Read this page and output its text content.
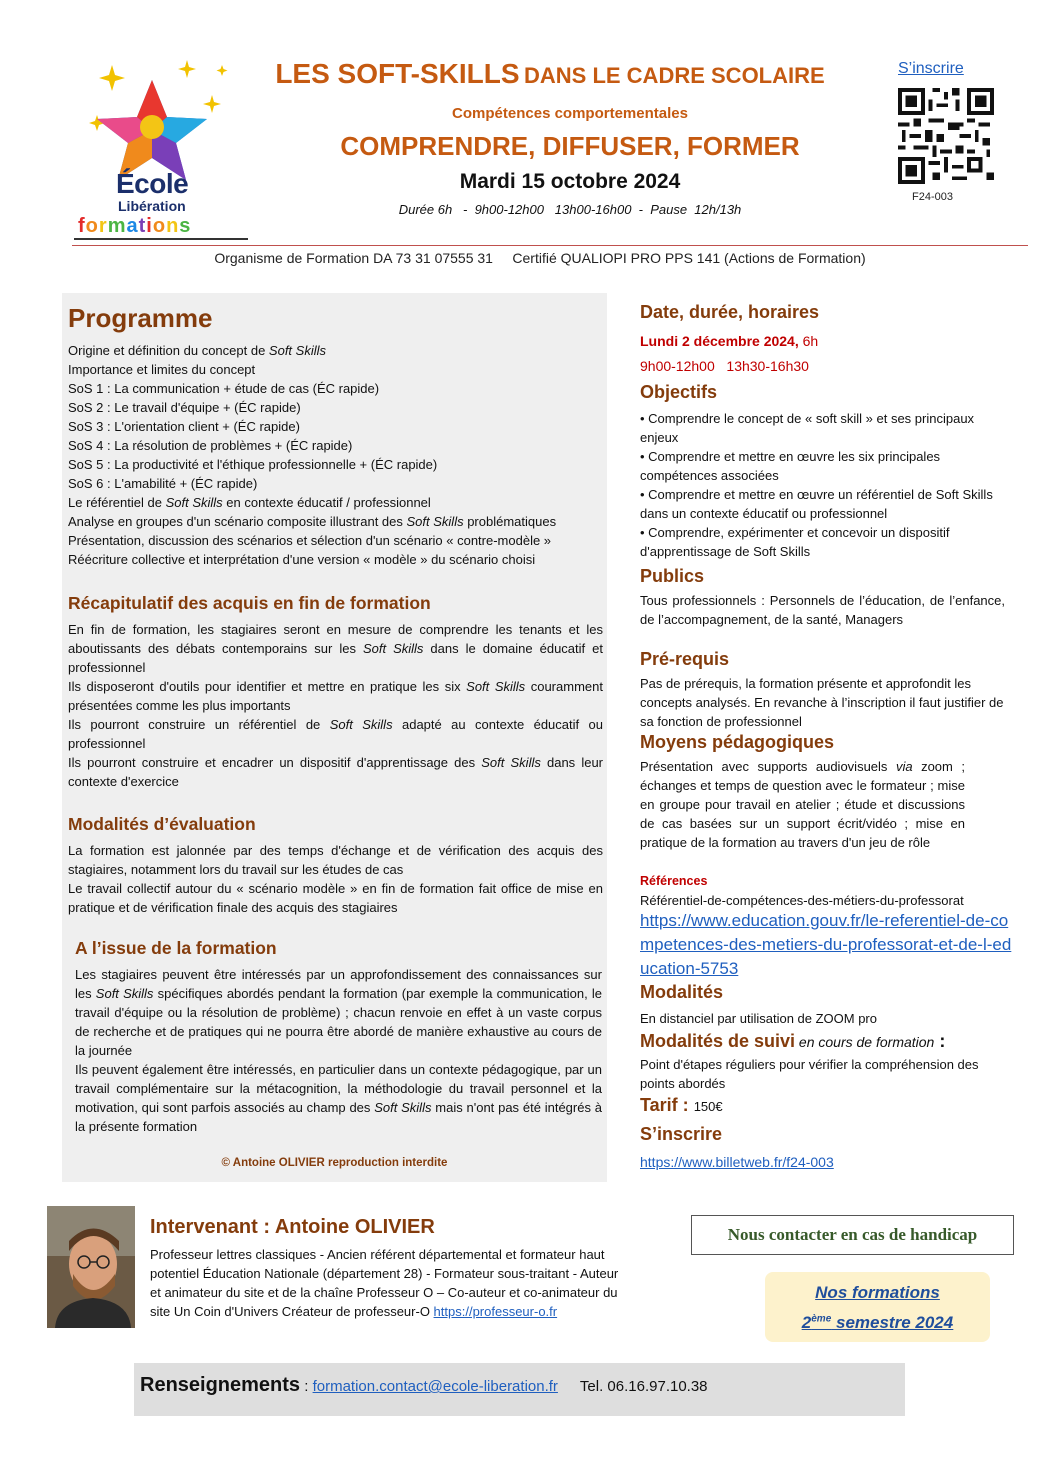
École
Libération
formations
LES SOFT-SKILLS DANS LE CADRE SCOLAIRE
Compétences comportementales
COMPRENDRE, DIFFUSER, FORMER
Mardi 15 octobre 2024
Durée 6h   -  9h00-12h00   13h00-16h00  -  Pause  12h/13h
S’inscrire
F24-003
Organisme de Formation DA 73 31 07555 31     Certifié QUALIOPI PRO PPS 141 (Actions de Formation)
Programme
Origine et définition du concept de Soft Skills
Importance et limites du concept
SoS 1 : La communication + étude de cas (ÉC rapide)
SoS 2 : Le travail d'équipe + (ÉC rapide)
SoS 3 : L'orientation client + (ÉC rapide)
SoS 4 : La résolution de problèmes + (ÉC rapide)
SoS 5 : La productivité et l'éthique professionnelle + (ÉC rapide)
SoS 6 : L'amabilité + (ÉC rapide)
Le référentiel de Soft Skills en contexte éducatif / professionnel
Analyse en groupes d'un scénario composite illustrant des Soft Skills problématiques
Présentation, discussion des scénarios et sélection d'un scénario « contre-modèle »
Réécriture collective et interprétation d'une version « modèle » du scénario choisi
Récapitulatif des acquis en fin de formation
En fin de formation, les stagiaires seront en mesure de comprendre les tenants et les aboutissants des débats contemporains sur les Soft Skills dans le domaine éducatif et professionnel
Ils disposeront d'outils pour identifier et mettre en pratique les six Soft Skills couramment présentées comme les plus importants
Ils pourront construire un référentiel de Soft Skills adapté au contexte éducatif ou professionnel
Ils pourront construire et encadrer un dispositif d'apprentissage des Soft Skills dans leur contexte d'exercice
Modalités d’évaluation
La formation est jalonnée par des temps d'échange et de vérification des acquis des stagiaires, notamment lors du travail sur les études de cas
Le travail collectif autour du « scénario modèle » en fin de formation fait office de mise en pratique et de vérification finale des acquis des stagiaires
A l’issue de la formation
Les stagiaires peuvent être intéressés par un approfondissement des connaissances sur les Soft Skills spécifiques abordés pendant la formation (par exemple la communication, le travail d'équipe ou la résolution de problème) ; chacun renvoie en effet à un vaste corpus de recherche et de pratiques qui ne pourra être abordé de manière exhaustive au cours de la journée
Ils peuvent également être intéressés, en particulier dans un contexte pédagogique, par un travail complémentaire sur la métacognition, la méthodologie du travail personnel et la motivation, qui sont parfois associés au champ des Soft Skills mais n'ont pas été intégrés à la présente formation
© Antoine OLIVIER reproduction interdite
Date, durée, horaires
Lundi 2 décembre 2024, 6h
9h00-12h00   13h30-16h30
Objectifs
• Comprendre le concept de « soft skill » et ses principaux enjeux
• Comprendre et mettre en œuvre les six principales compétences associées
• Comprendre et mettre en œuvre un référentiel de Soft Skills dans un contexte éducatif ou professionnel
• Comprendre, expérimenter et concevoir un dispositif d'apprentissage de Soft Skills
Publics
Tous professionnels : Personnels de l’éducation, de l’enfance, de l’accompagnement, de la santé, Managers
Pré-requis
Pas de prérequis, la formation présente et approfondit les concepts analysés. En revanche à l’inscription il faut justifier de sa fonction de professionnel
Moyens pédagogiques
Présentation avec supports audiovisuels via zoom ; échanges et temps de question avec le formateur ; mise en groupe pour travail en atelier ; étude et discussions de cas basées sur un support écrit/vidéo ; mise en pratique de la formation au travers d'un jeu de rôle
Références
Référentiel-de-compétences-des-métiers-du-professorat
https://www.education.gouv.fr/le-referentiel-de-competences-des-metiers-du-professorat-et-de-l-education-5753
Modalités
En distanciel par utilisation de ZOOM pro
Modalités de suivi en cours de formation :
Point d'étapes réguliers pour vérifier la compréhension des points abordés
Tarif : 150€
S’inscrire
https://www.billetweb.fr/f24-003
Intervenant : Antoine OLIVIER
Professeur lettres classiques - Ancien référent départemental et formateur haut potentiel Éducation Nationale (département 28) - Formateur sous-traitant - Auteur et animateur du site et de la chaîne Professeur O – Co-auteur et co-animateur du site Un Coin d'Univers Créateur de professeur-O https://professeur-o.fr
Nous contacter en cas de handicap
Nos formations
2ème semestre 2024
Renseignements : formation.contact@ecole-liberation.fr Tel. 06.16.97.10.38
